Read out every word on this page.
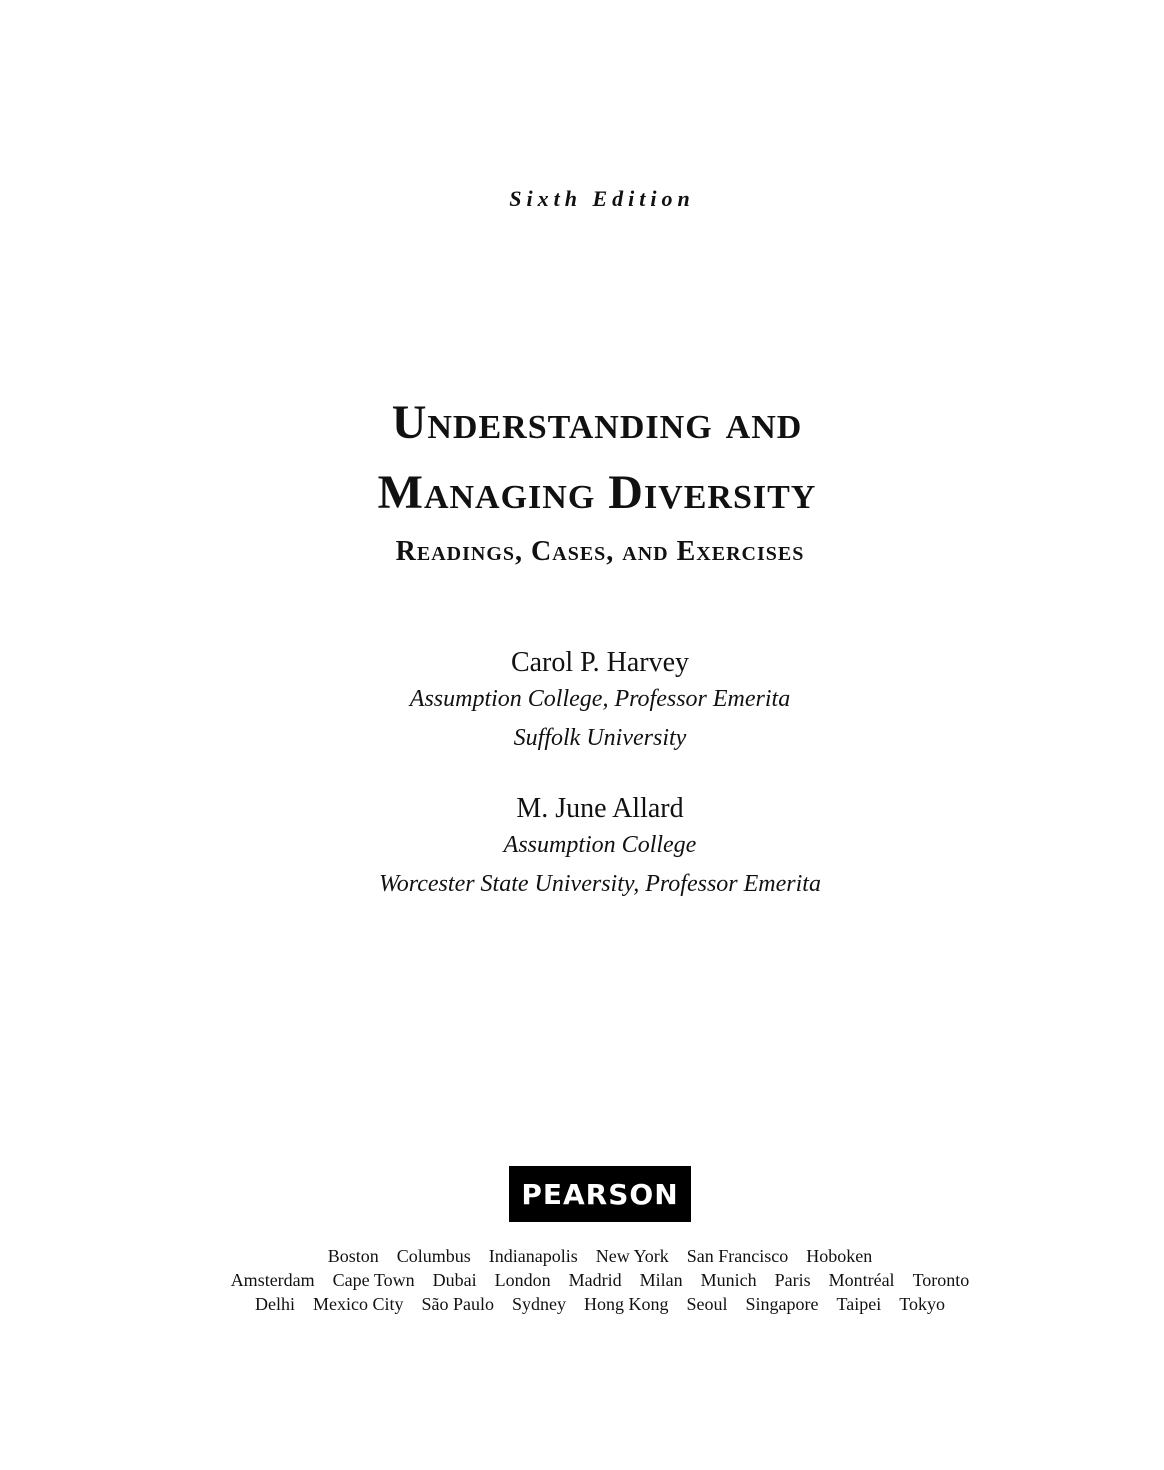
Sixth Edition
Understanding and
Managing Diversity
Readings, Cases, and Exercises
Carol P. Harvey
Assumption College, Professor Emerita
Suffolk University
M. June Allard
Assumption College
Worcester State University, Professor Emerita
PEARSON
Boston Columbus Indianapolis New York San Francisco Hoboken
Amsterdam Cape Town Dubai London Madrid Milan Munich Paris Montréal Toronto
Delhi Mexico City São Paulo Sydney Hong Kong Seoul Singapore Taipei Tokyo
